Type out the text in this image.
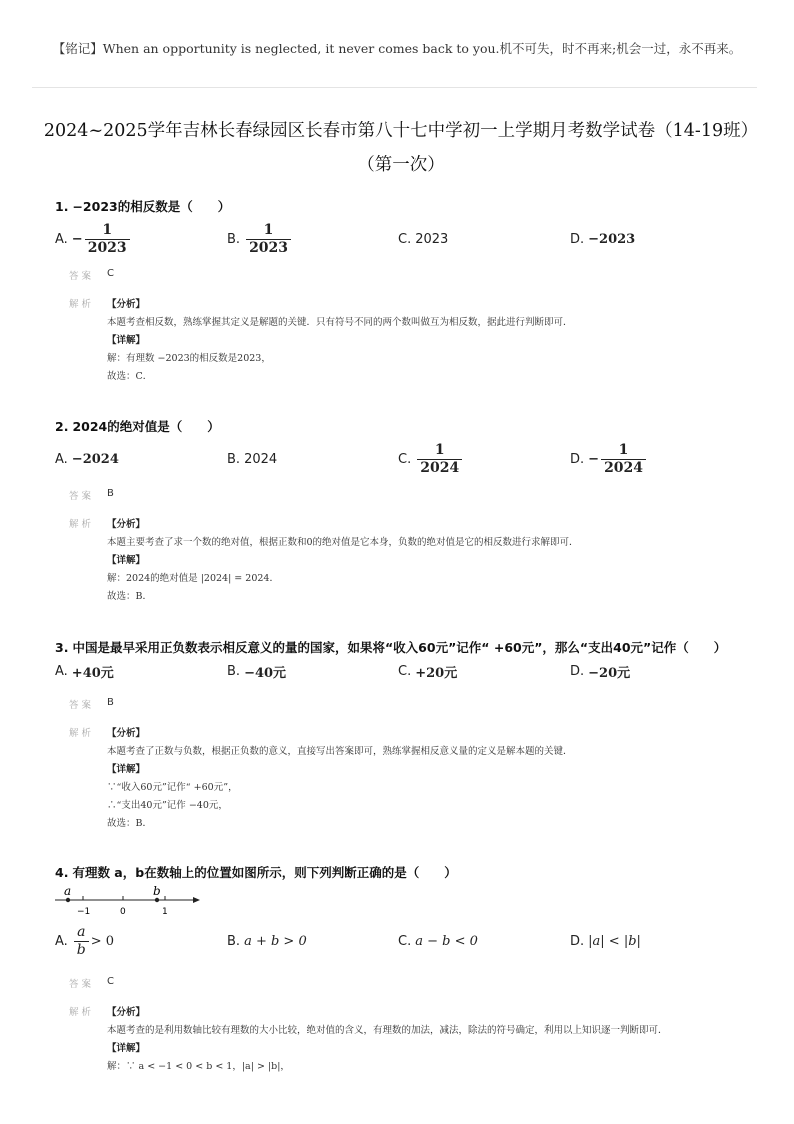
【铭记】When an opportunity is neglected, it never comes back to you.机不可失，时不再来;机会一过，永不再来。
2024~2025学年吉林长春绿园区长春市第八十七中学初一上学期月考数学试卷（14-19班）（第一次）
1. −2023的相反数是（　　）
A. − $\frac{1}{2023}$	B. $\frac{1}{2023}$	C. 2023	D. −2023
答案 C
解析 【分析】
本题考查相反数，熟练掌握其定义是解题的关键．只有符号不同的两个数叫做互为相反数，据此进行判断即可．
【详解】
解：有理数 −2023的相反数是2023，
故选：C．
2. 2024的绝对值是（　　）
A. −2024	B. 2024	C. $\frac{1}{2024}$	D. − $\frac{1}{2024}$
答案 B
解析 【分析】
本题主要考查了求一个数的绝对值，根据正数和0的绝对值是它本身，负数的绝对值是它的相反数进行求解即可．
【详解】
解：2024的绝对值是 |2024| = 2024．
故选：B．
3. 中国是最早采用正负数表示相反意义的量的国家，如果将“收入60元”记作“ +60元”，那么“支出40元”记作（　　）
A. +40元	B. −40元	C. +20元	D. −20元
答案 B
解析 【分析】
本题考查了正数与负数，根据正负数的意义，直接写出答案即可，熟练掌握相反意义量的定义是解本题的关键．
【详解】
∵“收入60元”记作“ +60元”，
∴“支出40元”记作 −40元，
故选：B．
4. 有理数 a，b在数轴上的位置如图所示，则下列判断正确的是（　　）
a	b
−1	0	1
A. $\frac{a}{b} > 0$	B. a + b > 0	C. a − b < 0	D. |a| < |b|
答案 C
解析 【分析】
本题考查的是利用数轴比较有理数的大小比较，绝对值的含义，有理数的加法，减法，除法的符号确定，利用以上知识逐一判断即可．
【详解】
解：∵ a < −1 < 0 < b < 1，|a| > |b|，
